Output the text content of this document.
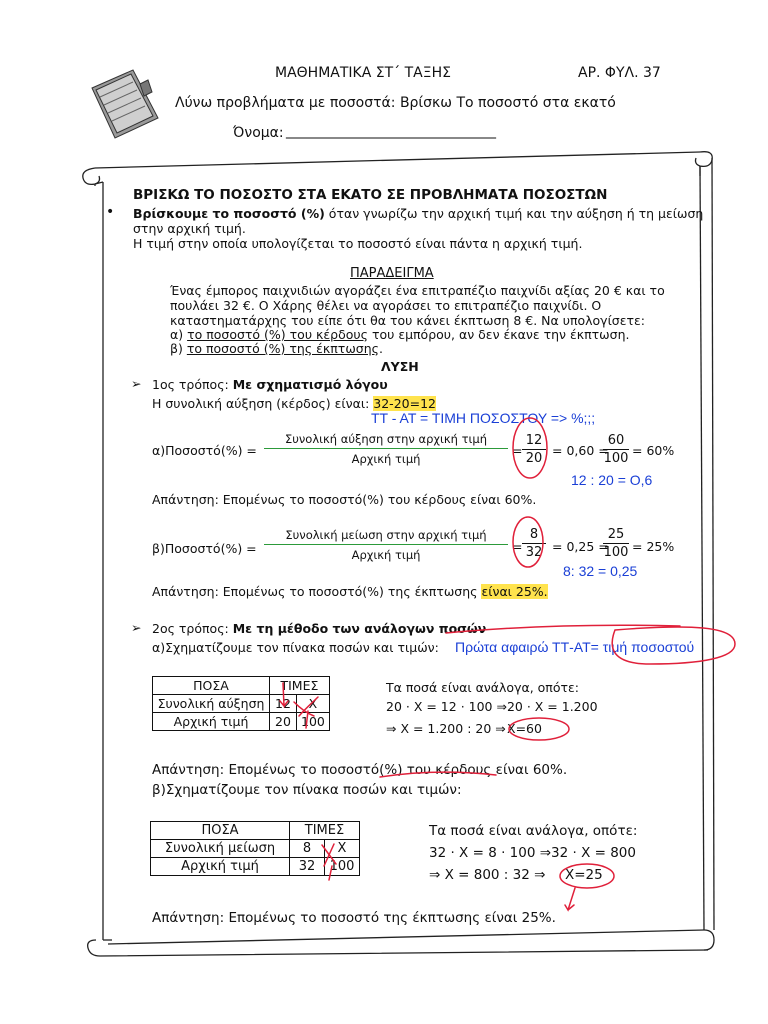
ΜΑΘΗΜΑΤΙΚΑ ΣΤ΄ ΤΑΞΗΣ	ΑΡ. ΦΥΛ. 37
Λύνω προβλήματα με ποσοστά: Βρίσκω Το ποσοστό στα εκατό
Όνομα: ______________________________
ΒΡΙΣΚΩ ΤΟ ΠΟΣΟΣΤΟ ΣΤΑ ΕΚΑΤΟ ΣΕ ΠΡΟΒΛΗΜΑΤΑ ΠΟΣΟΣΤΩΝ
• Βρίσκουμε το ποσοστό (%) όταν γνωρίζω την αρχική τιμή και την αύξηση ή τη μείωση
στην αρχική τιμή.
Η τιμή στην οποία υπολογίζεται το ποσοστό είναι πάντα η αρχική τιμή.
ΠΑΡΑΔΕΙΓΜΑ
Ένας έμπορος παιχνιδιών αγοράζει ένα επιτραπέζιο παιχνίδι αξίας 20 € και το
πουλάει 32 €. Ο Χάρης θέλει να αγοράσει το επιτραπέζιο παιχνίδι. Ο
καταστηματάρχης του είπε ότι θα του κάνει έκπτωση 8 €. Να υπολογίσετε:
α) το ποσοστό (%) του κέρδους του εμπόρου, αν δεν έκανε την έκπτωση.
β) το ποσοστό (%) της έκπτωσης.
ΛΥΣΗ
➢ 1ος τρόπος: Με σχηματισμό λόγου
Η συνολική αύξηση (κέρδος) είναι: 32-20=12
ΤΤ - ΑΤ = ΤΙΜΗ ΠΟΣΟΣΤΟΥ => %;;;
α)Ποσοστό(%) =
Συνολική αύξηση στην αρχική τιμή
Αρχική τιμή
=
12
20
= 0,60 =
60
100
= 60%
12 : 20 = Ο,6
Απάντηση: Επομένως το ποσοστό(%) του κέρδους είναι 60%.
β)Ποσοστό(%) =
Συνολική μείωση στην αρχική τιμή
Αρχική τιμή
=
8
32 = 0,25 =
25
100 = 25%
8: 32 = 0,25
Απάντηση: Επομένως το ποσοστό(%) της έκπτωσης είναι 25%.
➢ 2ος τρόπος: Με τη μέθοδο των ανάλογων ποσών
α)Σχηματίζουμε τον πίνακα ποσών και τιμών: Πρώτα αφαιρώ ΤΤ-ΑΤ= τιμή ποσοστού
ΠΟΣΑ	ΤΙΜΕΣ	
Συνολική αύξηση	12	Χ
Αρχική τιμή	20	100
Τα ποσά είναι ανάλογα, οπότε:
20 · Χ = 12 · 100 ⇒20 · Χ = 1.200
⇒ Χ = 1.200 : 20 ⇒ Χ=60
Απάντηση: Επομένως το ποσοστό(%) του κέρδους είναι 60%.
β)Σχηματίζουμε τον πίνακα ποσών και τιμών:
ΠΟΣΑ	ΤΙΜΕΣ	
Συνολική μείωση	8	Χ
Αρχική τιμή	32	100
Τα ποσά είναι ανάλογα, οπότε:
32 · Χ = 8 · 100 ⇒32 · Χ = 800
⇒ Χ = 800 : 32 ⇒ Χ=25
Απάντηση: Επομένως το ποσοστό της έκπτωσης είναι 25%.
